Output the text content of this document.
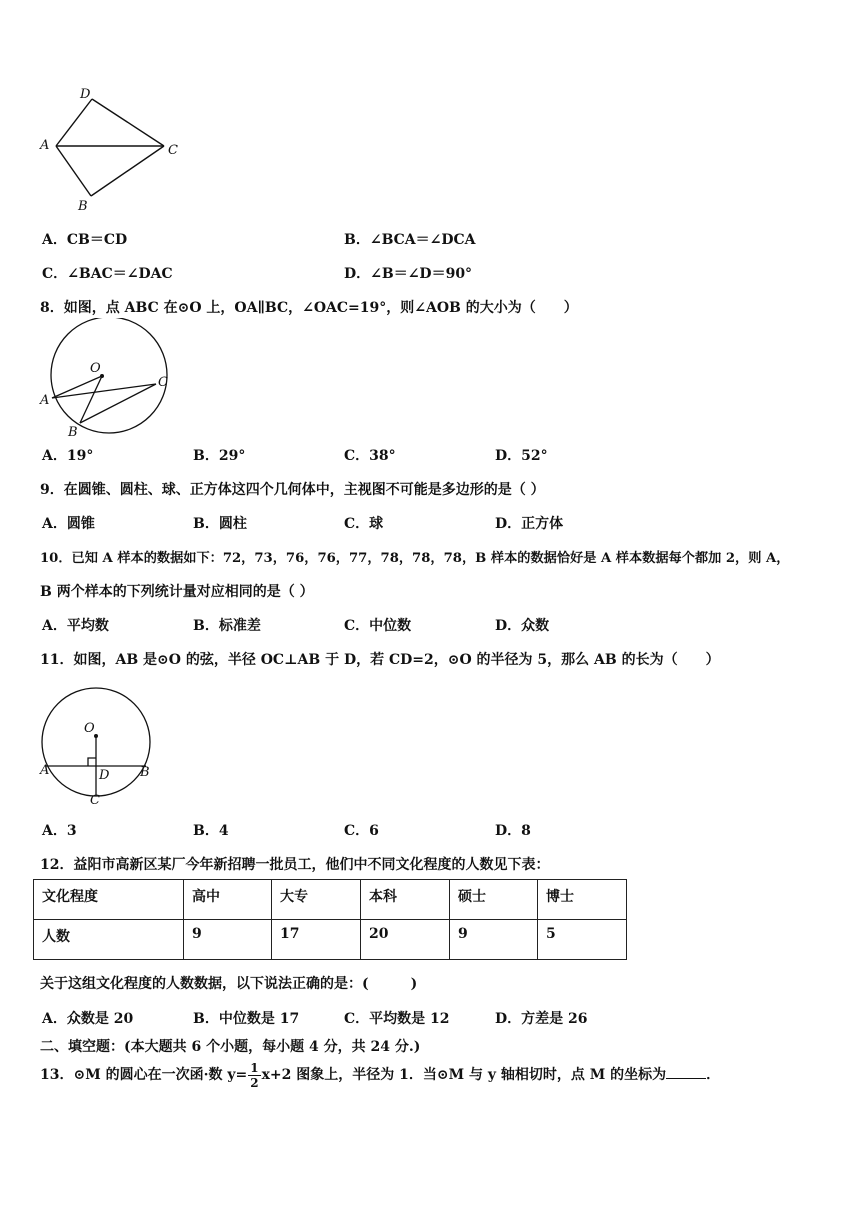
D
A	C
B
A．CB＝CD	B．∠BCA＝∠DCA
C．∠BAC＝∠DAC	D．∠B＝∠D＝90°
8．如图，点 ABC 在⊙O 上，OA∥BC，∠OAC=19°，则∠AOB 的大小为（　　）
O
C
A
B
A．19°	B．29°	C．38°	D．52°
9．在圆锥、圆柱、球、正方体这四个几何体中，主视图不可能是多边形的是（ ）
A．圆锥	B．圆柱	C．球	D．正方体
10．已知 A 样本的数据如下：72，73，76，76，77，78，78，78，B 样本的数据恰好是 A 样本数据每个都加 2，则 A，
B 两个样本的下列统计量对应相同的是（ ）
A．平均数	B．标准差	C．中位数	D．众数
11．如图，AB 是⊙O 的弦，半径 OC⊥AB 于 D，若 CD=2，⊙O 的半径为 5，那么 AB 的长为（　　）
O
A	D B
C
A．3	B．4	C．6	D．8
12．益阳市高新区某厂今年新招聘一批员工，他们中不同文化程度的人数见下表：
文化程度	高中	大专	本科	硕士	博士
人数	9	17	20	9	5
关于这组文化程度的人数数据，以下说法正确的是：(　　　)
A．众数是 20	B．中位数是 17	C．平均数是 12	D．方差是 26
二、填空题：(本大题共 6 个小题，每小题 4 分，共 24 分.)
13．⊙M 的圆心在一次函·数 $y= \frac{1}{2} x+2$ 图象上，半径为 1．当⊙M 与 y 轴相切时，点 M 的坐标为	．
